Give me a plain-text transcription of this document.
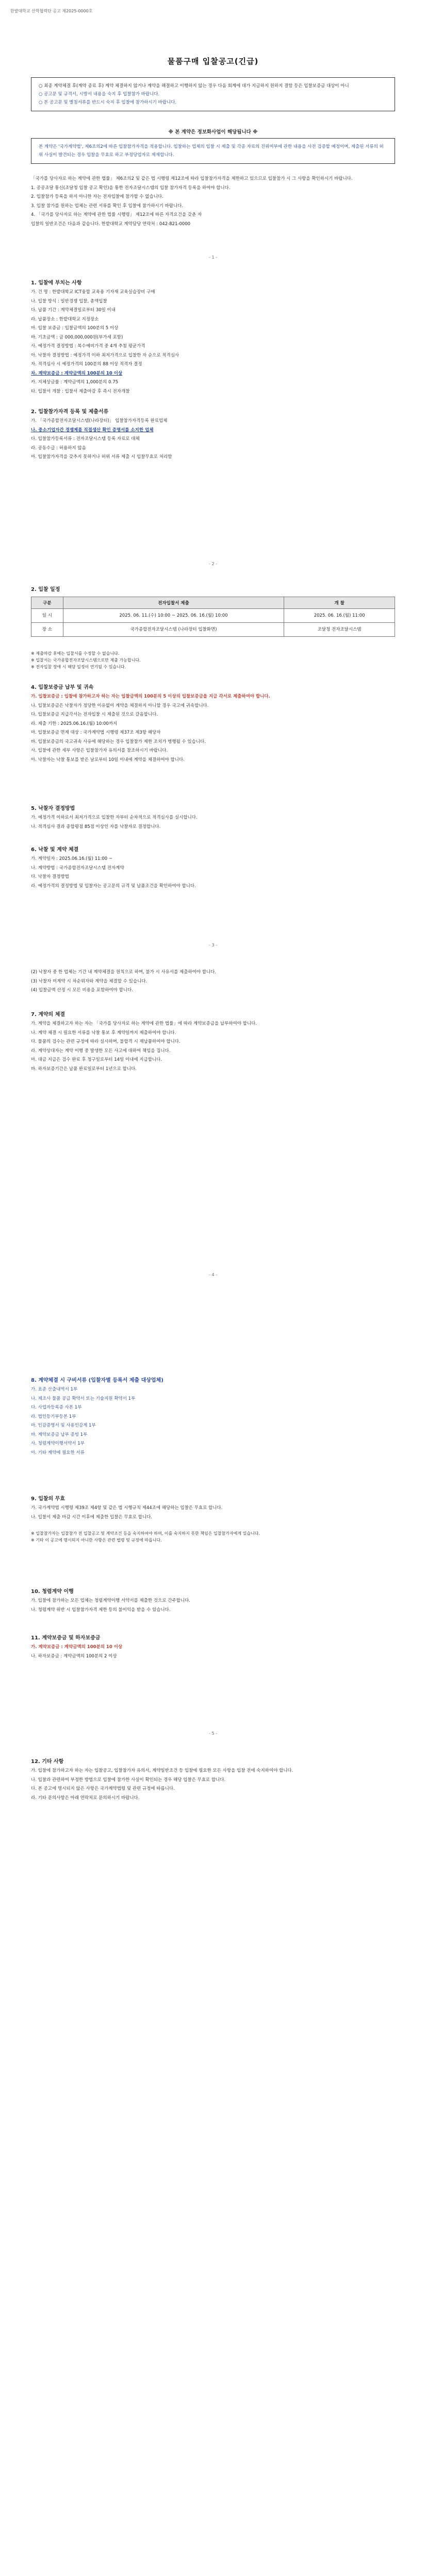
한밭대학교 산학협력단 공고 제2025-0000호
물품구매 입찰공고(긴급)

○ 최종 계약체결 후(계약 종료 후) 계약 체결하지 않거나 계약을 해결하고 이행하지 않는 경우 다음 회계에 대가 지급하지 원하지 결함 등은 입찰보증금 대상이 아니

○ 공고문 및 규격서, 시방서 내용을 숙지 후 입찰참가 바랍니다.

○ 본 공고문 및 별첨서류를 반드시 숙지 후 입찰에 참가하시기 바랍니다.

※ 본 계약은 정보화사업이 해당됩니다 ※

본 계약은 '국가계약법', 제6조의2에 따른 입찰참가자격을 적용합니다. 입찰하는 업체의 입찰 시 제출 및 각종 자료의 진위여부에 관한 내용을 사전 검증할 예정이며, 제출된 서류의 허위 사실이 발견되는 경우 입찰을 무효로 하고 부정당업자로 제재합니다.

「국가를 당사자로 하는 계약에 관한 법률」 제6조의2 및 같은 법 시행령 제12조에 따라 입찰참가자격을 제한하고 있으므로 입찰참가 시 그 사항을 확인하시기 바랍니다.

1. 공공조달 통신(조달청 입찰 공고 확인)을 통한 전자조달시스템의 입찰 참가자격 등록을 하여야 합니다.

2. 입찰참가 등록을 하지 아니한 자는 전자입찰에 참가할 수 없습니다.

3. 입찰 참가를 원하는 업체는 관련 서류를 확인 후 입찰에 참가하시기 바랍니다.

4. 「국가를 당사자로 하는 계약에 관한 법률 시행령」 제12조에 따른 자격요건을 갖춘 자

입찰의 일반조건은 다음과 같습니다. 한밭대학교 계약담당 연락처 : 042-821-0000

- 1 -
1. 입찰에 부치는 사항

가. 건 명 : 한밭대학교 ICT융합 교육용 기자재 교육실습장비 구매

나. 입찰 방식 : 일반경쟁 입찰, 총액입찰

다. 납품 기간 : 계약체결일로부터 30일 이내

라. 납품장소 : 한밭대학교 지정장소

마. 입찰 보증금 : 입찰금액의 100분의 5 이상

바. 기초금액 : 금 000,000,000원(부가세 포함)

사. 예정가격 결정방법 : 복수예비가격 중 4개 추첨 평균가격

아. 낙찰자 결정방법 : 예정가격 이하 최저가격으로 입찰한 자 순으로 적격심사

자. 적격심사 시 예정가격의 100분의 88 이상 적격자 결정

차. 계약보증금 : 계약금액의 100분의 10 이상

카. 지체상금률 : 계약금액의 1,000분의 0.75

타. 입찰서 개찰 : 입찰서 제출마감 후 즉시 전자개찰

2. 입찰참가자격 등록 및 제출서류

가. 「국가종합전자조달시스템(나라장터)」 입찰참가자격등록 완료업체

나. 중소기업자간 경쟁제품 직접생산 확인 증명서를 소지한 업체

다. 입찰참가등록서류 : 전자조달시스템 등록 자료로 대체

라. 공동수급 : 허용하지 않음

마. 입찰참가자격을 갖추지 못하거나 허위 서류 제출 시 입찰무효로 처리함

- 2 -
2. 입찰 일정
구분	전자입찰서 제출	개 찰
일 시	2025. 06. 11.(수) 10:00 ~ 2025. 06. 16.(월) 10:00	2025. 06. 16.(월) 11:00
장 소	국가종합전자조달시스템 (나라장터 입찰화면)	조달청 전자조달시스템
※ 제출마감 후에는 입찰서를 수정할 수 없습니다.
※ 입찰서는 국가종합전자조달시스템으로만 제출 가능합니다.
※ 전자입찰 장애 시 해당 일정이 연기될 수 있습니다.
4. 입찰보증금 납부 및 귀속

가. 입찰보증금 : 입찰에 참가하고자 하는 자는 입찰금액의 100분의 5 이상의 입찰보증금을 지급 각서로 제출하여야 합니다.

나. 입찰보증금은 낙찰자가 정당한 이유없이 계약을 체결하지 아니할 경우 국고에 귀속합니다.

다. 입찰보증금 지급각서는 전자입찰 시 제출된 것으로 갈음합니다.

라. 제출 기한 : 2025.06.16.(월) 10:00까지

마. 입찰보증금 면제 대상 : 국가계약법 시행령 제37조 제3항 해당자

바. 입찰보증금의 국고귀속 사유에 해당하는 경우 입찰참가 제한 조치가 병행될 수 있습니다.

사. 입찰에 관한 세부 사항은 입찰참가자 유의서를 참조하시기 바랍니다.

아. 낙찰자는 낙찰 통보를 받은 날로부터 10일 이내에 계약을 체결하여야 합니다.

5. 낙찰자 결정방법

가. 예정가격 이하로서 최저가격으로 입찰한 자부터 순차적으로 적격심사를 실시합니다.

나. 적격심사 결과 종합평점 85점 이상인 자를 낙찰자로 결정합니다.

6. 낙찰 및 계약 체결

가. 계약일자 : 2025.06.16.(월) 11:00 ~

나. 계약방법 : 국가종합전자조달시스템 전자계약

다. 낙찰자 결정방법

라. 예정가격의 결정방법 및 입찰자는 공고문의 규격 및 납품조건을 확인하여야 합니다.

- 3 -

(2) 낙찰자 중 한 업체는 기간 내 계약체결을 원칙으로 하며, 불가 시 사유서를 제출하여야 합니다.

(3) 낙찰자 미계약 시 차순위자와 계약을 체결할 수 있습니다.

(4) 입찰금액 산정 시 모든 비용을 포함하여야 합니다.

7. 계약의 체결

가. 계약을 체결하고자 하는 자는 「국가를 당사자로 하는 계약에 관한 법률」에 따라 계약보증금을 납부하여야 합니다.

나. 계약 체결 시 필요한 서류를 낙찰 통보 후 계약일까지 제출하여야 합니다.

다. 물품의 검수는 관련 규정에 따라 실시하며, 불합격 시 재납품하여야 합니다.

라. 계약상대자는 계약 이행 중 발생한 모든 사고에 대하여 책임을 집니다.

마. 대금 지급은 검수 완료 후 청구일로부터 14일 이내에 지급합니다.

바. 하자보증기간은 납품 완료일로부터 1년으로 합니다.

- 4 -
8. 계약체결 시 구비서류 (입찰자별 등록서 제출 대상업체)

가. 표준 산출내역서 1부

나. 제조사 물품 공급 확약서 또는 기술지원 확약서 1부

다. 사업자등록증 사본 1부

라. 법인등기부등본 1부

마. 인감증명서 및 사용인감계 1부

바. 계약보증금 납부 증빙 1부

사. 청렴계약이행서약서 1부

아. 기타 계약에 필요한 서류

9. 입찰의 무효

가. 국가계약법 시행령 제39조 제4항 및 같은 법 시행규칙 제44조에 해당하는 입찰은 무효로 합니다.

나. 입찰서 제출 마감 시간 이후에 제출한 입찰은 무효로 합니다.

※ 입찰참가자는 입찰참가 전 입찰공고 및 계약조건 등을 숙지하여야 하며, 이를 숙지하지 못한 책임은 입찰참가자에게 있습니다.
※ 기타 이 공고에 명시되지 아니한 사항은 관련 법령 및 규정에 따릅니다.
10. 청렴계약 이행

가. 입찰에 참가하는 모든 업체는 청렴계약이행 서약서를 제출한 것으로 간주합니다.

나. 청렴계약 위반 시 입찰참가자격 제한 등의 불이익을 받을 수 있습니다.

11. 계약보증금 및 하자보증금

가. 계약보증금 : 계약금액의 100분의 10 이상

나. 하자보증금 : 계약금액의 100분의 2 이상

- 5 -
12. 기타 사항

가. 입찰에 참가하고자 하는 자는 입찰공고, 입찰참가자 유의서, 계약일반조건 등 입찰에 필요한 모든 사항을 입찰 전에 숙지하여야 합니다.

나. 입찰과 관련하여 부정한 방법으로 입찰에 참가한 사실이 확인되는 경우 해당 입찰은 무효로 합니다.

다. 본 공고에 명시되지 않은 사항은 국가계약법령 및 관련 규정에 따릅니다.

라. 기타 문의사항은 아래 연락처로 문의하시기 바랍니다.
